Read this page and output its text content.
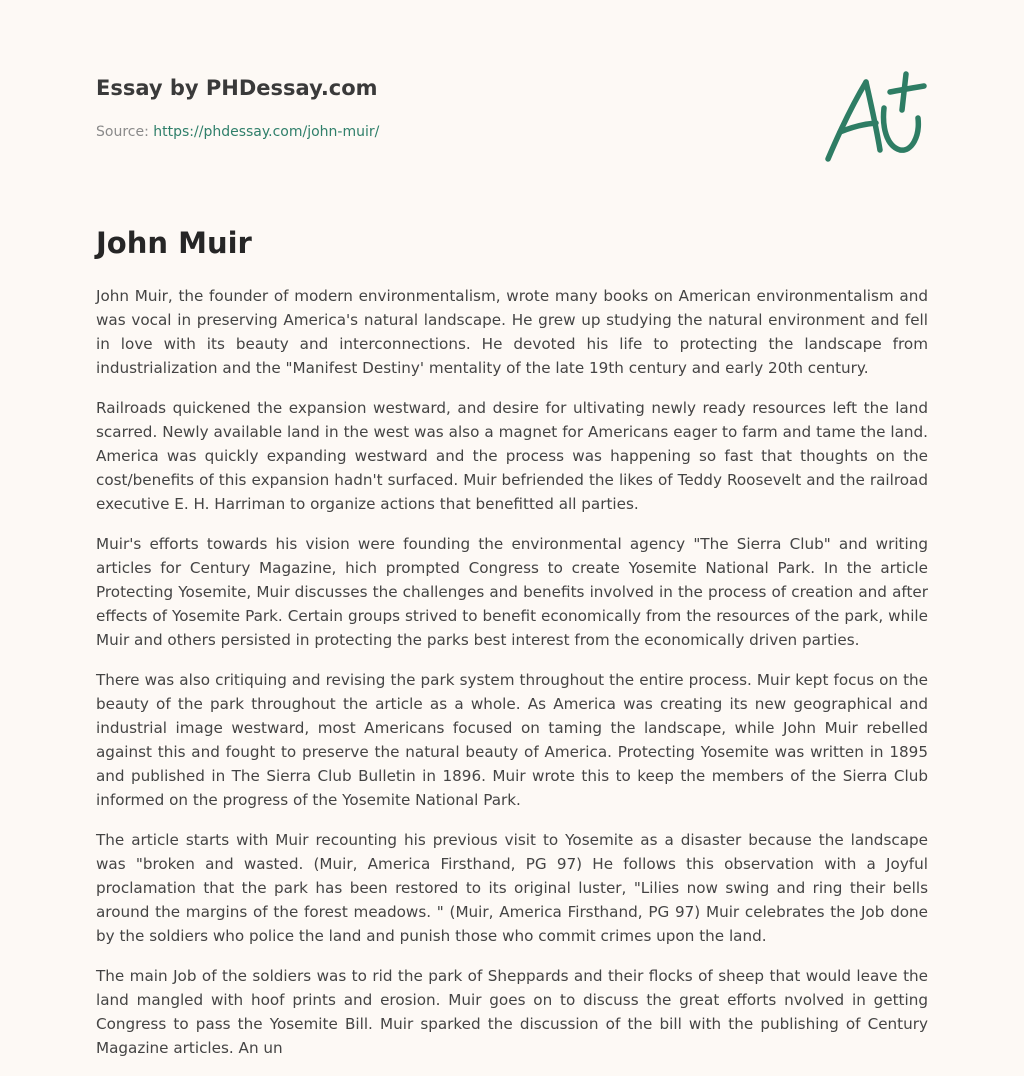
Essay by PHDessay.com
Source: https://phdessay.com/john-muir/
John Muir

John Muir, the founder of modern environmentalism, wrote many books on American environmentalism and was vocal in preserving America's natural landscape. He grew up studying the natural environment and fell in love with its beauty and interconnections. He devoted his life to protecting the landscape from industrialization and the "Manifest Destiny' mentality of the late 19th century and early 20th century.

Railroads quickened the expansion westward, and desire for ultivating newly ready resources left the land scarred. Newly available land in the west was also a magnet for Americans eager to farm and tame the land. America was quickly expanding westward and the process was happening so fast that thoughts on the cost/benefits of this expansion hadn't surfaced. Muir befriended the likes of Teddy Roosevelt and the railroad executive E. H. Harriman to organize actions that benefitted all parties.

Muir's efforts towards his vision were founding the environmental agency "The Sierra Club" and writing articles for Century Magazine, hich prompted Congress to create Yosemite National Park. In the article Protecting Yosemite, Muir discusses the challenges and benefits involved in the process of creation and after effects of Yosemite Park. Certain groups strived to benefit economically from the resources of the park, while Muir and others persisted in protecting the parks best interest from the economically driven parties.

There was also critiquing and revising the park system throughout the entire process. Muir kept focus on the beauty of the park throughout the article as a whole. As America was creating its new geographical and industrial image westward, most Americans focused on taming the landscape, while John Muir rebelled against this and fought to preserve the natural beauty of America. Protecting Yosemite was written in 1895 and published in The Sierra Club Bulletin in 1896. Muir wrote this to keep the members of the Sierra Club informed on the progress of the Yosemite National Park.

The article starts with Muir recounting his previous visit to Yosemite as a disaster because the landscape was "broken and wasted. (Muir, America Firsthand, PG 97) He follows this observation with a Joyful proclamation that the park has been restored to its original luster, "Lilies now swing and ring their bells around the margins of the forest meadows. " (Muir, America Firsthand, PG 97) Muir celebrates the Job done by the soldiers who police the land and punish those who commit crimes upon the land.

The main Job of the soldiers was to rid the park of Sheppards and their flocks of sheep that would leave the land mangled with hoof prints and erosion. Muir goes on to discuss the great efforts nvolved in getting Congress to pass the Yosemite Bill. Muir sparked the discussion of the bill with the publishing of Century Magazine articles. An un
